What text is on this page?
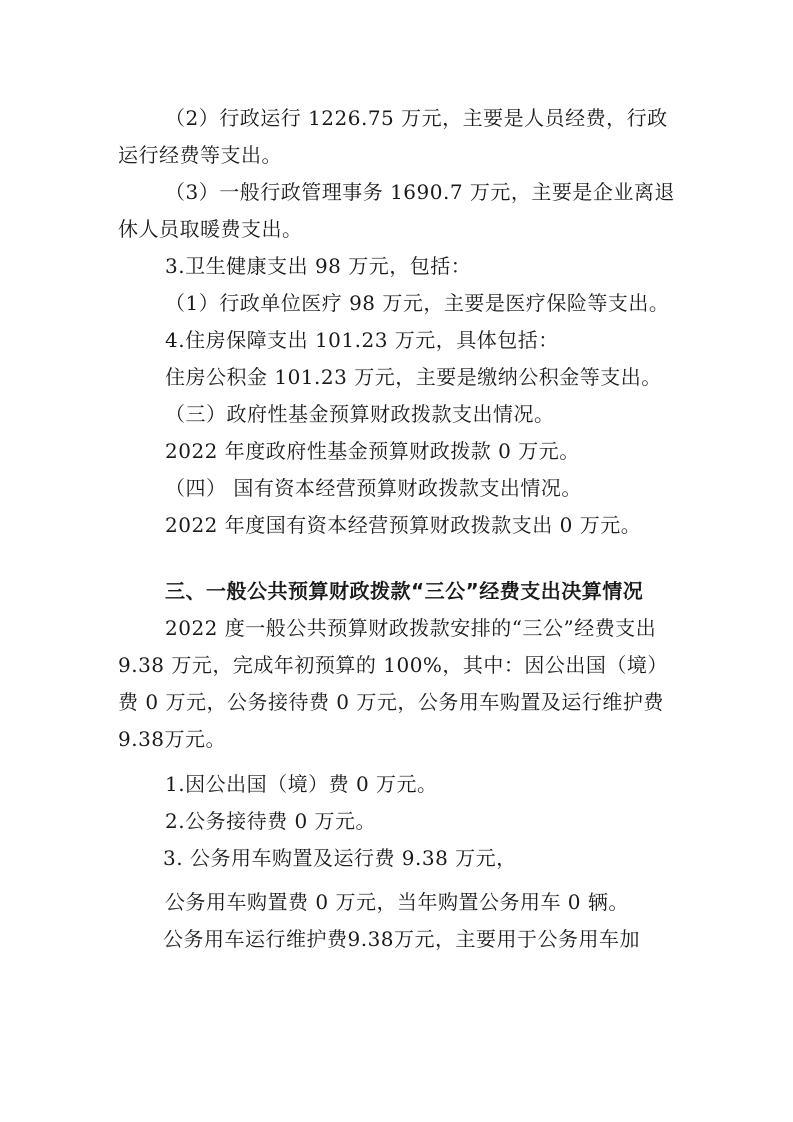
（2）行政运行 1226.75 万元，主要是人员经费，行政
运行经费等支出。
（3）一般行政管理事务 1690.7 万元，主要是企业离退
休人员取暖费支出。
3.卫生健康支出 98 万元，包括：
（1）行政单位医疗 98 万元，主要是医疗保险等支出。
4.住房保障支出 101.23 万元，具体包括：
住房公积金 101.23 万元，主要是缴纳公积金等支出。
（三）政府性基金预算财政拨款支出情况。
2022 年度政府性基金预算财政拨款 0 万元。
（四） 国有资本经营预算财政拨款支出情况。
2022 年度国有资本经营预算财政拨款支出 0 万元。
三、一般公共预算财政拨款“三公”经费支出决算情况
2022 度一般公共预算财政拨款安排的“三公”经费支出
9.38 万元，完成年初预算的 100%，其中：因公出国（境）
费 0 万元，公务接待费 0 万元，公务用车购置及运行维护费
9.38万元。
1.因公出国（境）费 0 万元。
2.公务接待费 0 万元。
3. 公务用车购置及运行费 9.38 万元，
公务用车购置费 0 万元，当年购置公务用车 0 辆。
公务用车运行维护费9.38万元，主要用于公务用车加
